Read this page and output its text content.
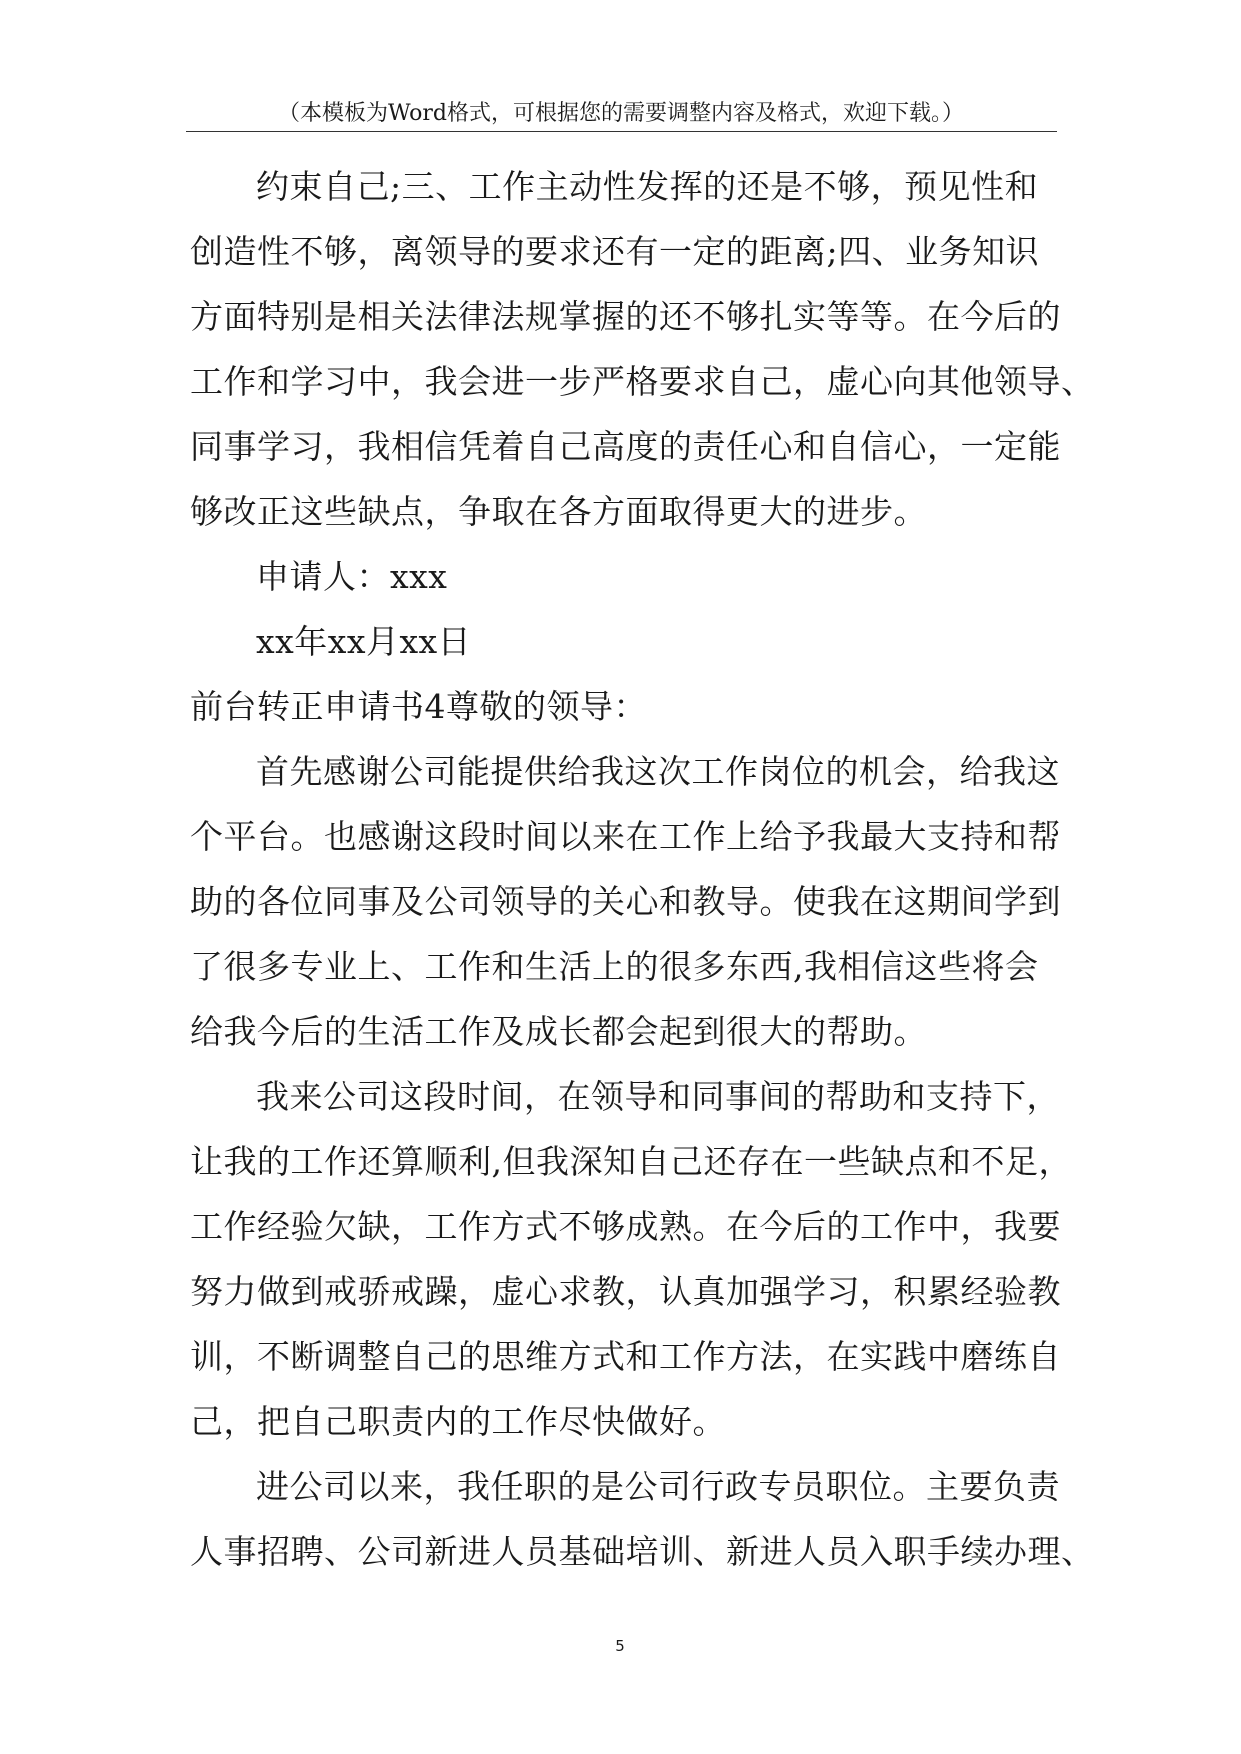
（本模板为Word格式，可根据您的需要调整内容及格式，欢迎下载。）
约束自己;三、工作主动性发挥的还是不够，预见性和
创造性不够，离领导的要求还有一定的距离;四、业务知识
方面特别是相关法律法规掌握的还不够扎实等等。在今后的
工作和学习中，我会进一步严格要求自己，虚心向其他领导、
同事学习，我相信凭着自己高度的责任心和自信心，一定能
够改正这些缺点，争取在各方面取得更大的进步。
申请人：xxx
xx年xx月xx日
前台转正申请书4尊敬的领导：
首先感谢公司能提供给我这次工作岗位的机会，给我这
个平台。也感谢这段时间以来在工作上给予我最大支持和帮
助的各位同事及公司领导的关心和教导。使我在这期间学到
了很多专业上、工作和生活上的很多东西,我相信这些将会
给我今后的生活工作及成长都会起到很大的帮助。
我来公司这段时间，在领导和同事间的帮助和支持下，
让我的工作还算顺利,但我深知自己还存在一些缺点和不足，
工作经验欠缺，工作方式不够成熟。在今后的工作中，我要
努力做到戒骄戒躁，虚心求教，认真加强学习，积累经验教
训，不断调整自己的思维方式和工作方法，在实践中磨练自
己，把自己职责内的工作尽快做好。
进公司以来，我任职的是公司行政专员职位。主要负责
人事招聘、公司新进人员基础培训、新进人员入职手续办理、
5
